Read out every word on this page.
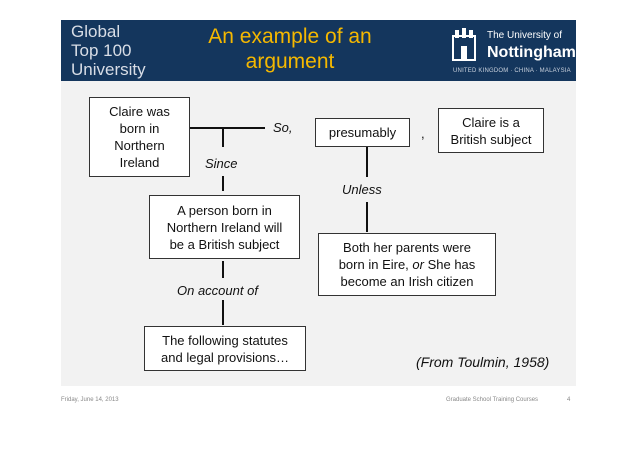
Global
Top 100
University
An example of an
argument
The University of
Nottingham
UNITED KINGDOM · CHINA · MALAYSIA
Claire was
born in
Northern
Ireland
So,	presumably	,
Claire is a
British subject
Since
Unless
A person born in
Northern Ireland will
be a British subject	Both her parents were
born in Eire, or She has
become an Irish citizen
On account of
The following statutes
and legal provisions…	(From Toulmin, 1958)
Friday, June 14, 2013	Graduate School Training Courses	4
